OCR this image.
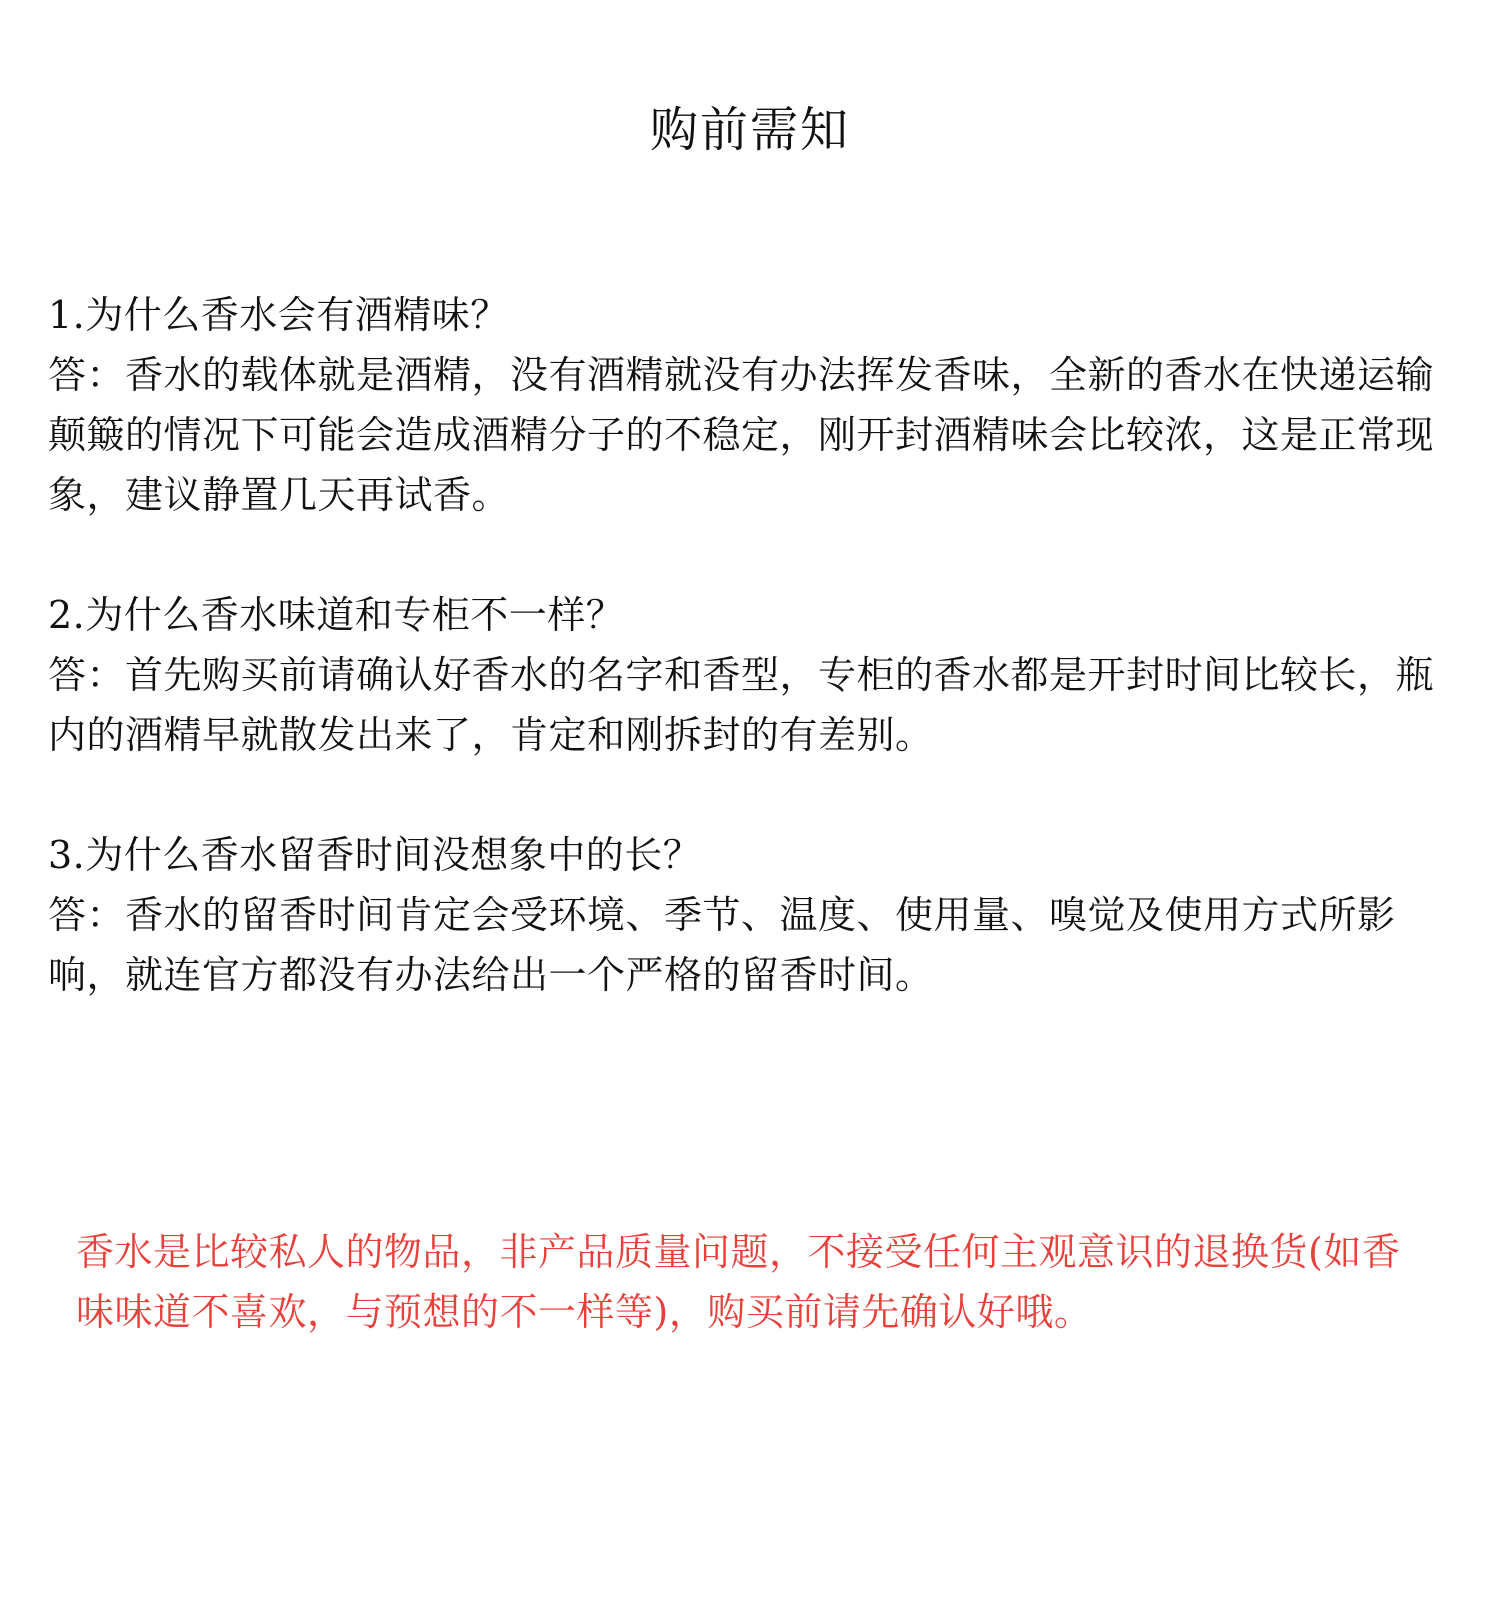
购前需知

1.为什么香水会有酒精味？

答：香水的载体就是酒精，没有酒精就没有办法挥发香味，全新的香水在快递运输颠簸的情况下可能会造成酒精分子的不稳定，刚开封酒精味会比较浓，这是正常现象，建议静置几天再试香。

2.为什么香水味道和专柜不一样？

答：首先购买前请确认好香水的名字和香型，专柜的香水都是开封时间比较长，瓶内的酒精早就散发出来了，肯定和刚拆封的有差别。

3.为什么香水留香时间没想象中的长？

答：香水的留香时间肯定会受环境、季节、温度、使用量、嗅觉及使用方式所影响，就连官方都没有办法给出一个严格的留香时间。

香水是比较私人的物品，非产品质量问题，不接受任何主观意识的退换货(如香味味道不喜欢，与预想的不一样等)，购买前请先确认好哦。
